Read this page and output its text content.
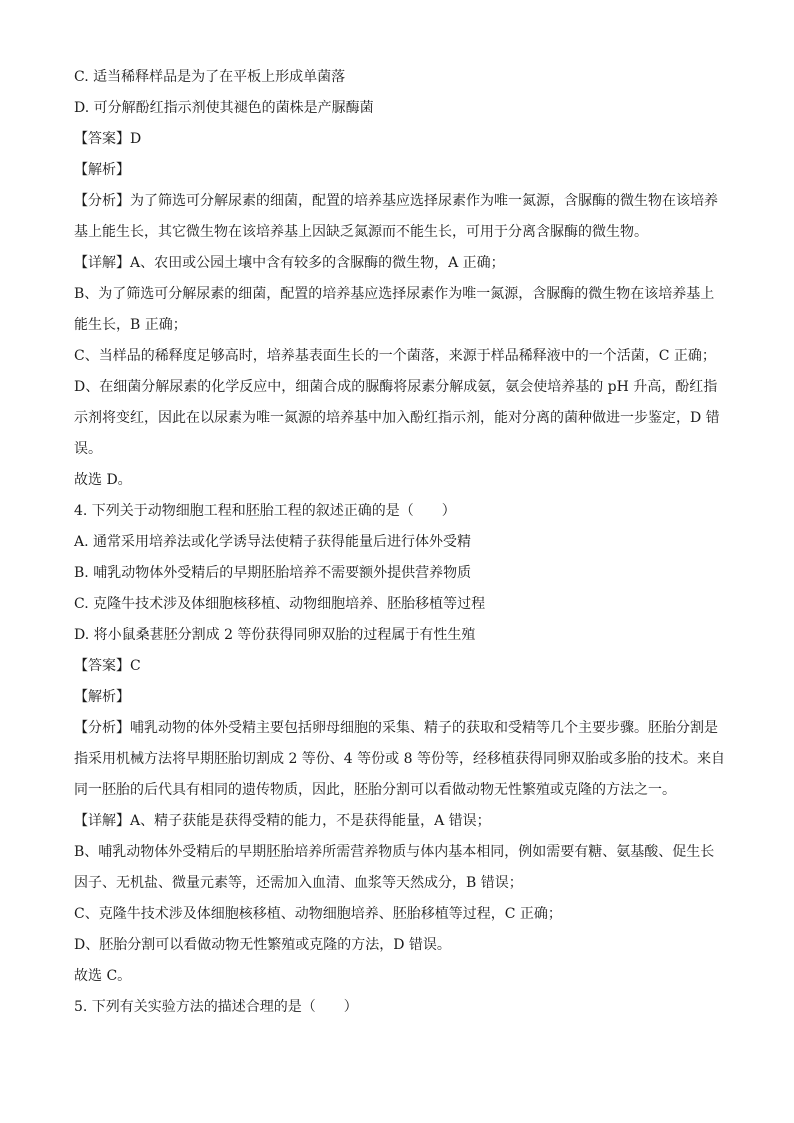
C. 适当稀释样品是为了在平板上形成单菌落

D. 可分解酚红指示剂使其褪色的菌株是产脲酶菌

【答案】D

【解析】

【分析】为了筛选可分解尿素的细菌，配置的培养基应选择尿素作为唯一氮源，含脲酶的微生物在该培养

基上能生长，其它微生物在该培养基上因缺乏氮源而不能生长，可用于分离含脲酶的微生物。

【详解】A、农田或公园土壤中含有较多的含脲酶的微生物，A 正确；

B、为了筛选可分解尿素的细菌，配置的培养基应选择尿素作为唯一氮源，含脲酶的微生物在该培养基上

能生长，B 正确；

C、当样品的稀释度足够高时，培养基表面生长的一个菌落，来源于样品稀释液中的一个活菌，C 正确；

D、在细菌分解尿素的化学反应中，细菌合成的脲酶将尿素分解成氨，氨会使培养基的 pH 升高，酚红指

示剂将变红，因此在以尿素为唯一氮源的培养基中加入酚红指示剂，能对分离的菌种做进一步鉴定，D 错

误。

故选 D。

4. 下列关于动物细胞工程和胚胎工程的叙述正确的是（　　）

A. 通常采用培养法或化学诱导法使精子获得能量后进行体外受精

B. 哺乳动物体外受精后的早期胚胎培养不需要额外提供营养物质

C. 克隆牛技术涉及体细胞核移植、动物细胞培养、胚胎移植等过程

D. 将小鼠桑葚胚分割成 2 等份获得同卵双胎的过程属于有性生殖

【答案】C

【解析】

【分析】哺乳动物的体外受精主要包括卵母细胞的采集、精子的获取和受精等几个主要步骤。胚胎分割是

指采用机械方法将早期胚胎切割成 2 等份、4 等份或 8 等份等，经移植获得同卵双胎或多胎的技术。来自

同一胚胎的后代具有相同的遗传物质，因此，胚胎分割可以看做动物无性繁殖或克隆的方法之一。

【详解】A、精子获能是获得受精的能力，不是获得能量，A 错误；

B、哺乳动物体外受精后的早期胚胎培养所需营养物质与体内基本相同，例如需要有糖、氨基酸、促生长

因子、无机盐、微量元素等，还需加入血清、血浆等天然成分，B 错误；

C、克隆牛技术涉及体细胞核移植、动物细胞培养、胚胎移植等过程，C 正确；

D、胚胎分割可以看做动物无性繁殖或克隆的方法，D 错误。

故选 C。

5. 下列有关实验方法的描述合理的是（　　）
